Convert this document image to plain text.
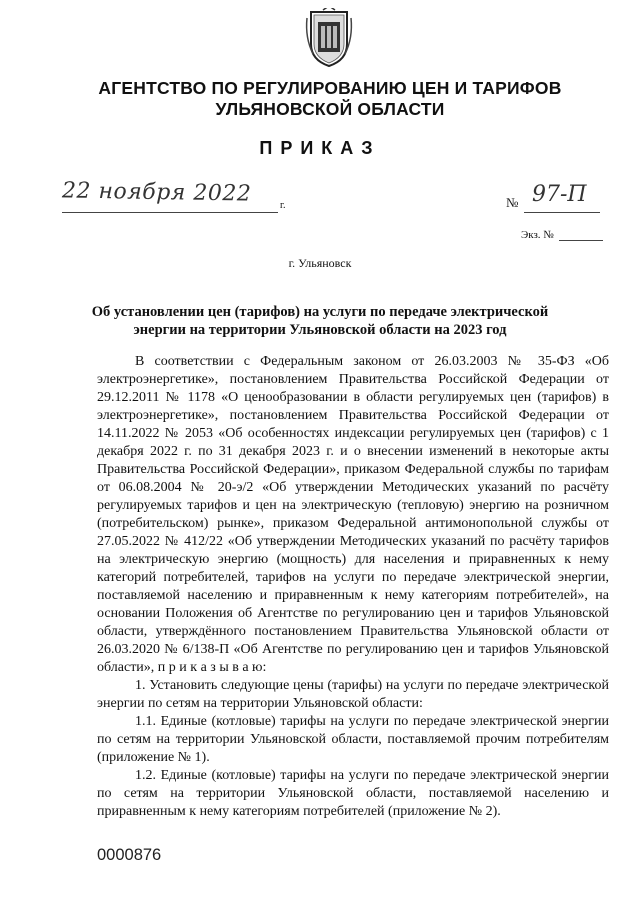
АГЕНТСТВО ПО РЕГУЛИРОВАНИЮ ЦЕН И ТАРИФОВ УЛЬЯНОВСКОЙ ОБЛАСТИ
ПРИКАЗ
22 ноября 2022	г.	№ 97-П
Экз. №
г. Ульяновск
Об установлении цен (тарифов) на услуги по передаче электрической энергии на территории Ульяновской области на 2023 год

В соответствии с Федеральным законом от 26.03.2003 № 35-ФЗ «Об электроэнергетике», постановлением Правительства Российской Федерации от 29.12.2011 № 1178 «О ценообразовании в области регулируемых цен (тарифов) в электроэнергетике», постановлением Правительства Российской Федерации от 14.11.2022 № 2053 «Об особенностях индексации регулируемых цен (тарифов) с 1 декабря 2022 г. по 31 декабря 2023 г. и о внесении изменений в некоторые акты Правительства Российской Федерации», приказом Федеральной службы по тарифам от 06.08.2004 № 20-э/2 «Об утверждении Методических указаний по расчёту регулируемых тарифов и цен на электрическую (тепловую) энергию на розничном (потребительском) рынке», приказом Федеральной антимонопольной службы от 27.05.2022 № 412/22 «Об утверждении Методических указаний по расчёту тарифов на электрическую энергию (мощность) для населения и приравненных к нему категорий потребителей, тарифов на услуги по передаче электрической энергии, поставляемой населению и приравненным к нему категориям потребителей», на основании Положения об Агентстве по регулированию цен и тарифов Ульяновской области, утверждённого постановлением Правительства Ульяновской области от 26.03.2020 № 6/138-П «Об Агентстве по регулированию цен и тарифов Ульяновской области», п р и к а з ы в а ю:

1. Установить следующие цены (тарифы) на услуги по передаче электрической энергии по сетям на территории Ульяновской области:

1.1. Единые (котловые) тарифы на услуги по передаче электрической энергии по сетям на территории Ульяновской области, поставляемой прочим потребителям (приложение № 1).

1.2. Единые (котловые) тарифы на услуги по передаче электрической энергии по сетям на территории Ульяновской области, поставляемой населению и приравненным к нему категориям потребителей (приложение № 2).

0000876
